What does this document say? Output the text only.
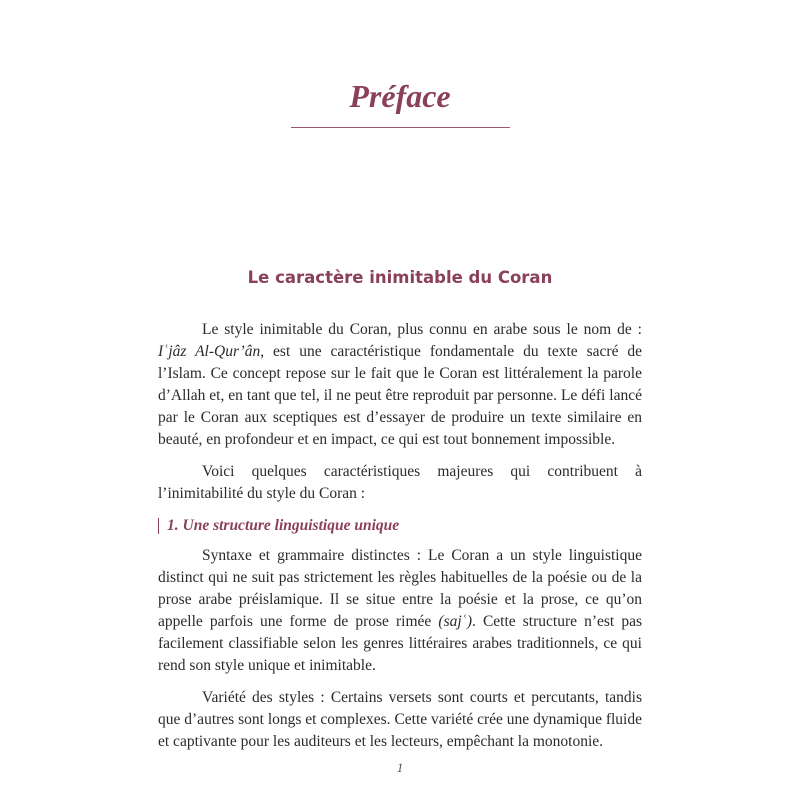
Préface
Le caractère inimitable du Coran

Le style inimitable du Coran, plus connu en arabe sous le nom de : Iʿjâz Al-Qur’ân, est une caractéristique fondamentale du texte sacré de l’Islam. Ce concept repose sur le fait que le Coran est littéralement la parole d’Allah et, en tant que tel, il ne peut être reproduit par personne. Le défi lancé par le Coran aux sceptiques est d’essayer de produire un texte similaire en beauté, en profondeur et en impact, ce qui est tout bonnement impossible.

Voici quelques caractéristiques majeures qui contribuent à l’inimitabilité du style du Coran :

1. Une structure linguistique unique

Syntaxe et grammaire distinctes : Le Coran a un style linguistique distinct qui ne suit pas strictement les règles habituelles de la poésie ou de la prose arabe préislamique. Il se situe entre la poésie et la prose, ce qu’on appelle parfois une forme de prose rimée (sajʿ). Cette structure n’est pas facilement classifiable selon les genres littéraires arabes traditionnels, ce qui rend son style unique et inimitable.

Variété des styles : Certains versets sont courts et percutants, tandis que d’autres sont longs et complexes. Cette variété crée une dynamique fluide et captivante pour les auditeurs et les lecteurs, empêchant la monotonie.

1
